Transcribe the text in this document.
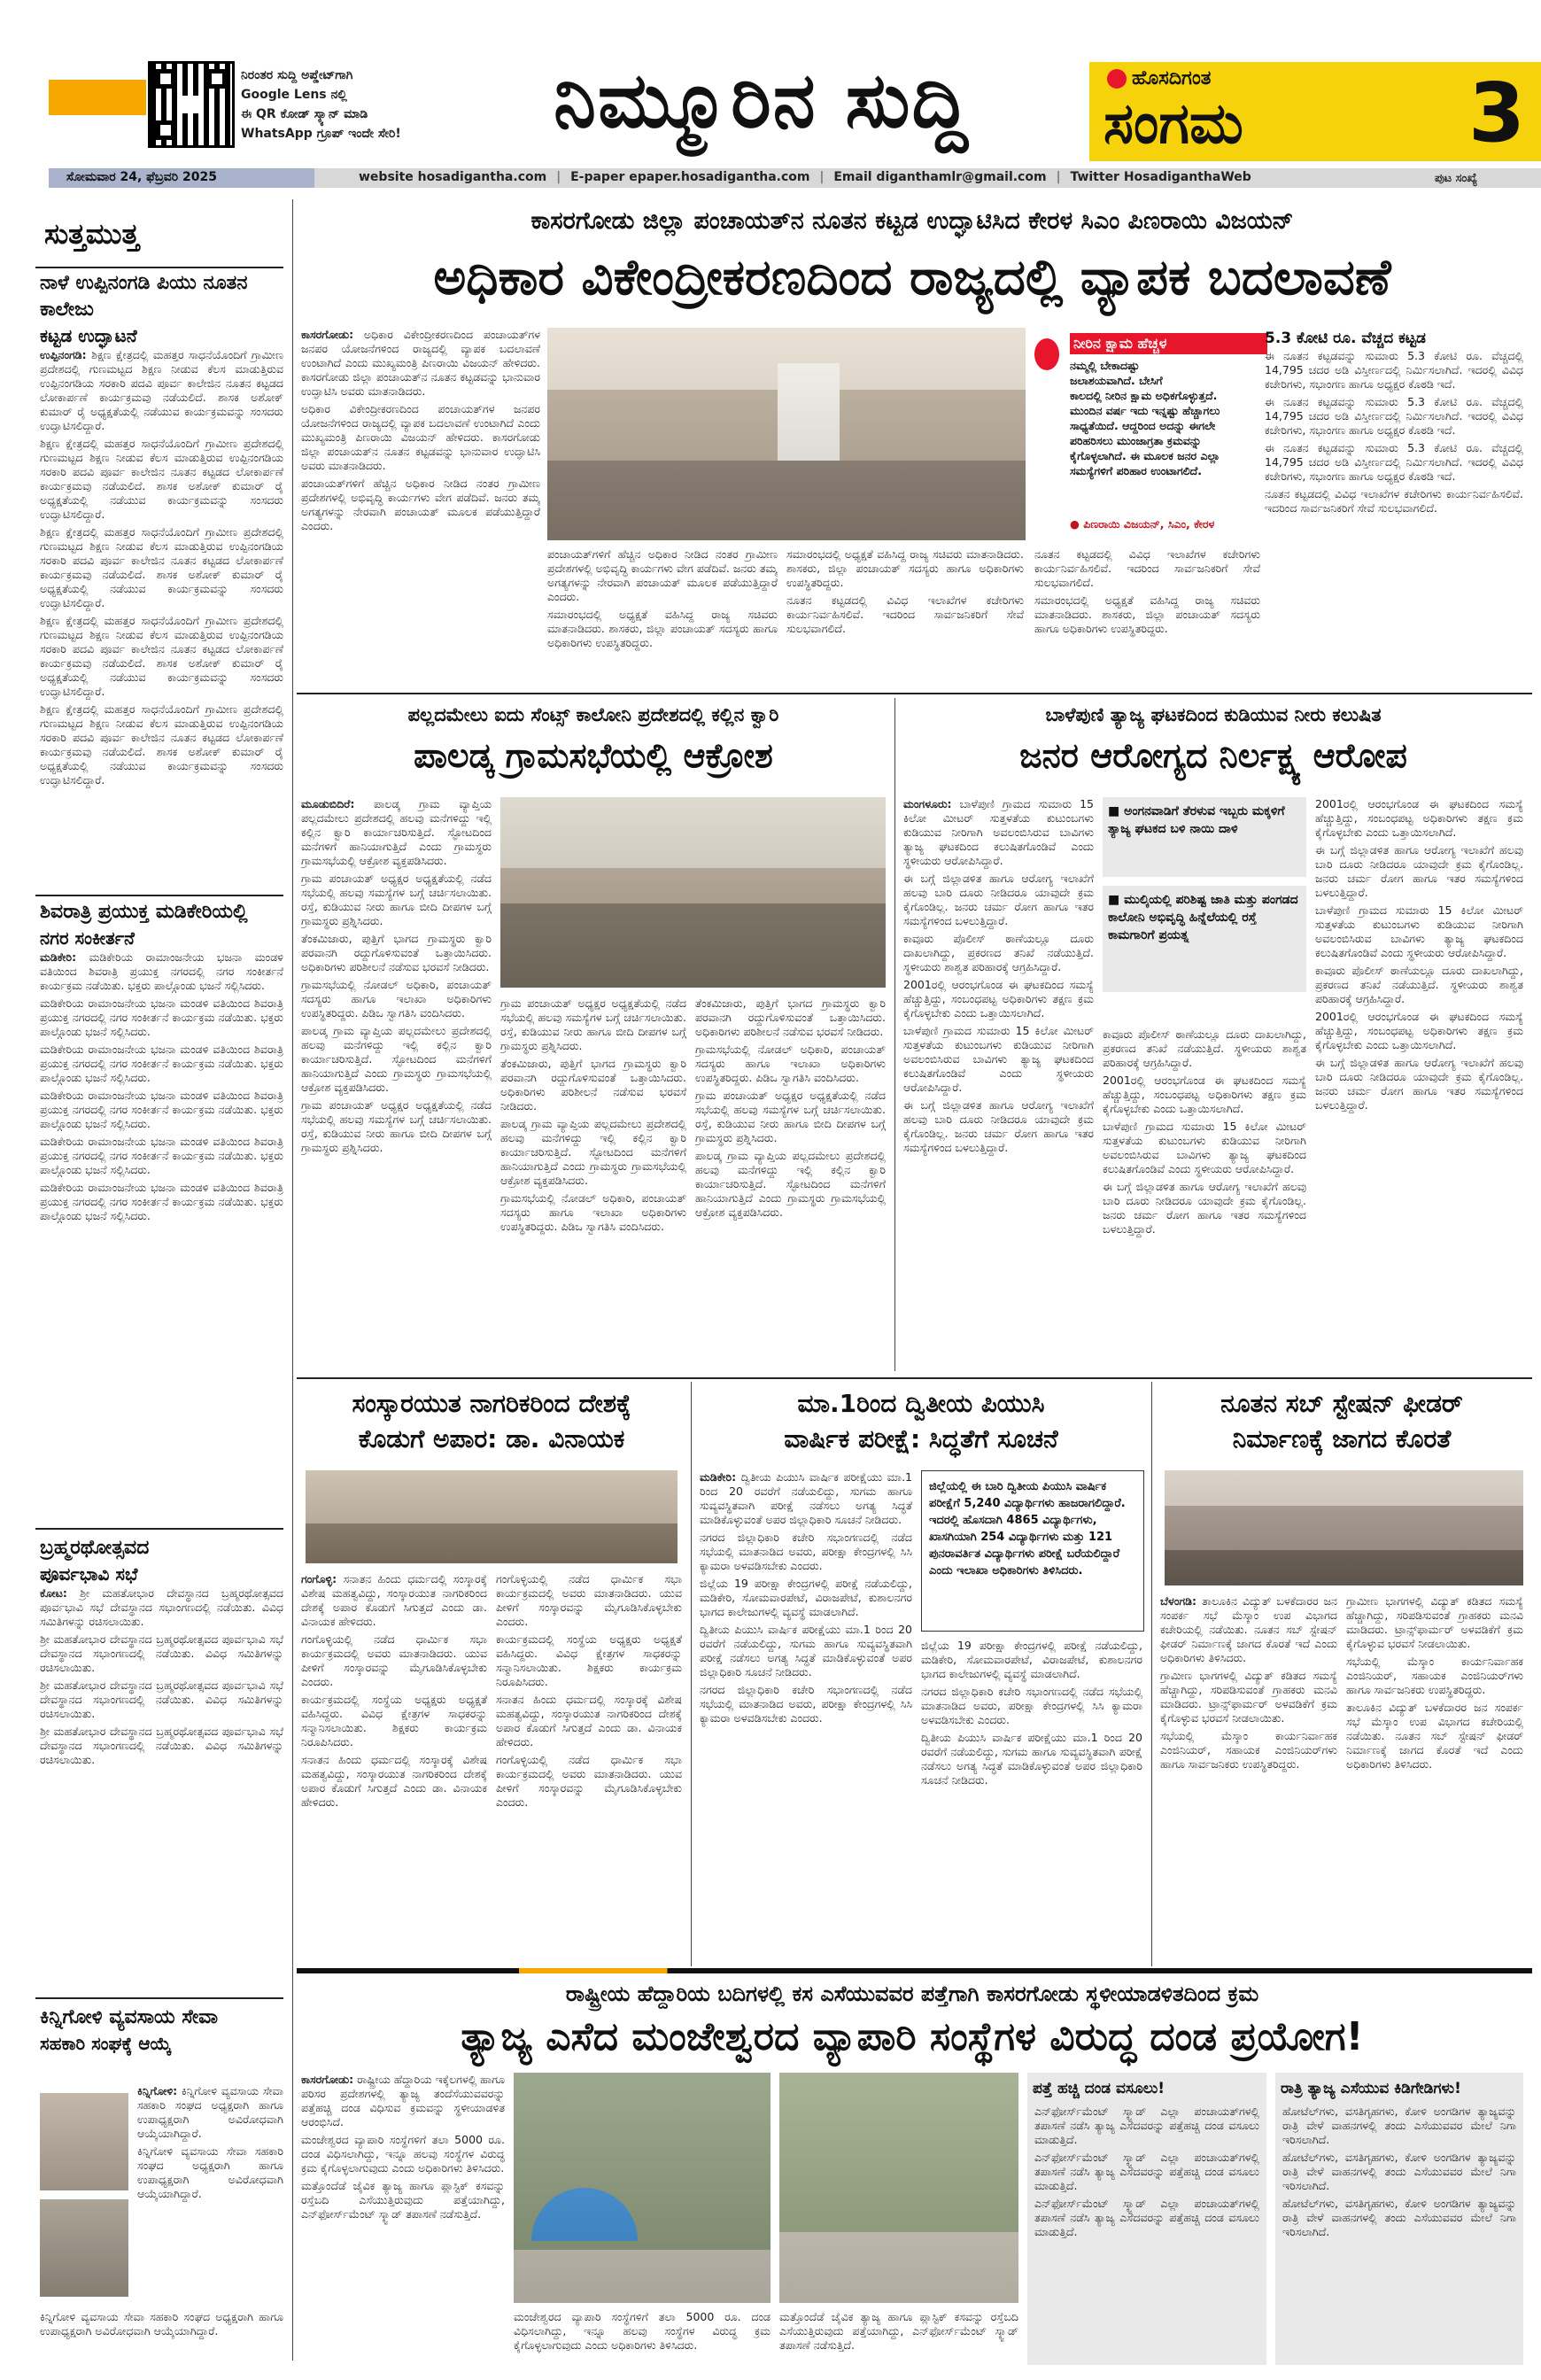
ನಿರಂತರ ಸುದ್ದಿ ಅಪ್ಡೇಟ್‌ಗಾಗಿ
Google Lens ನಲ್ಲಿ
ಈ QR ಕೋಡ್ ಸ್ಕ್ಯಾನ್ ಮಾಡಿ
WhatsApp ಗ್ರೂಪ್ ಇಂದೇ ಸೇರಿ!	ನಿಮ್ಮೂರಿನ ಸುದ್ದಿ	ಹೊಸದಿಗಂತ
ಸಂಗಮ	3
ಸೋಮವಾರ 24, ಫೆಬ್ರವರಿ 2025	website hosadigantha.com | E-paper epaper.hosadigantha.com | Email diganthamlr@gmail.com | Twitter HosadiganthaWeb	ಪುಟ ಸಂಖ್ಯೆ
ಸುತ್ತಮುತ್ತ
ನಾಳೆ ಉಪ್ಪಿನಂಗಡಿ ಪಿಯು ನೂತನ ಕಾಲೇಜು
ಕಟ್ಟಡ ಉದ್ಘಾಟನೆ

ಉಪ್ಪಿನಂಗಡಿ: ಶಿಕ್ಷಣ ಕ್ಷೇತ್ರದಲ್ಲಿ ಮಹತ್ತರ ಸಾಧನೆಯೊಂದಿಗೆ ಗ್ರಾಮೀಣ ಪ್ರದೇಶದಲ್ಲಿ ಗುಣಮಟ್ಟದ ಶಿಕ್ಷಣ ನೀಡುವ ಕೆಲಸ ಮಾಡುತ್ತಿರುವ ಉಪ್ಪಿನಂಗಡಿಯ ಸರಕಾರಿ ಪದವಿ ಪೂರ್ವ ಕಾಲೇಜಿನ ನೂತನ ಕಟ್ಟಡದ ಲೋಕಾರ್ಪಣೆ ಕಾರ್ಯಕ್ರಮವು ನಡೆಯಲಿದೆ. ಶಾಸಕ ಅಶೋಕ್ ಕುಮಾರ್ ರೈ ಅಧ್ಯಕ್ಷತೆಯಲ್ಲಿ ನಡೆಯುವ ಕಾರ್ಯಕ್ರಮವನ್ನು ಸಂಸದರು ಉದ್ಘಾಟಿಸಲಿದ್ದಾರೆ.

ಶಿಕ್ಷಣ ಕ್ಷೇತ್ರದಲ್ಲಿ ಮಹತ್ತರ ಸಾಧನೆಯೊಂದಿಗೆ ಗ್ರಾಮೀಣ ಪ್ರದೇಶದಲ್ಲಿ ಗುಣಮಟ್ಟದ ಶಿಕ್ಷಣ ನೀಡುವ ಕೆಲಸ ಮಾಡುತ್ತಿರುವ ಉಪ್ಪಿನಂಗಡಿಯ ಸರಕಾರಿ ಪದವಿ ಪೂರ್ವ ಕಾಲೇಜಿನ ನೂತನ ಕಟ್ಟಡದ ಲೋಕಾರ್ಪಣೆ ಕಾರ್ಯಕ್ರಮವು ನಡೆಯಲಿದೆ. ಶಾಸಕ ಅಶೋಕ್ ಕುಮಾರ್ ರೈ ಅಧ್ಯಕ್ಷತೆಯಲ್ಲಿ ನಡೆಯುವ ಕಾರ್ಯಕ್ರಮವನ್ನು ಸಂಸದರು ಉದ್ಘಾಟಿಸಲಿದ್ದಾರೆ.

ಶಿಕ್ಷಣ ಕ್ಷೇತ್ರದಲ್ಲಿ ಮಹತ್ತರ ಸಾಧನೆಯೊಂದಿಗೆ ಗ್ರಾಮೀಣ ಪ್ರದೇಶದಲ್ಲಿ ಗುಣಮಟ್ಟದ ಶಿಕ್ಷಣ ನೀಡುವ ಕೆಲಸ ಮಾಡುತ್ತಿರುವ ಉಪ್ಪಿನಂಗಡಿಯ ಸರಕಾರಿ ಪದವಿ ಪೂರ್ವ ಕಾಲೇಜಿನ ನೂತನ ಕಟ್ಟಡದ ಲೋಕಾರ್ಪಣೆ ಕಾರ್ಯಕ್ರಮವು ನಡೆಯಲಿದೆ. ಶಾಸಕ ಅಶೋಕ್ ಕುಮಾರ್ ರೈ ಅಧ್ಯಕ್ಷತೆಯಲ್ಲಿ ನಡೆಯುವ ಕಾರ್ಯಕ್ರಮವನ್ನು ಸಂಸದರು ಉದ್ಘಾಟಿಸಲಿದ್ದಾರೆ.

ಶಿಕ್ಷಣ ಕ್ಷೇತ್ರದಲ್ಲಿ ಮಹತ್ತರ ಸಾಧನೆಯೊಂದಿಗೆ ಗ್ರಾಮೀಣ ಪ್ರದೇಶದಲ್ಲಿ ಗುಣಮಟ್ಟದ ಶಿಕ್ಷಣ ನೀಡುವ ಕೆಲಸ ಮಾಡುತ್ತಿರುವ ಉಪ್ಪಿನಂಗಡಿಯ ಸರಕಾರಿ ಪದವಿ ಪೂರ್ವ ಕಾಲೇಜಿನ ನೂತನ ಕಟ್ಟಡದ ಲೋಕಾರ್ಪಣೆ ಕಾರ್ಯಕ್ರಮವು ನಡೆಯಲಿದೆ. ಶಾಸಕ ಅಶೋಕ್ ಕುಮಾರ್ ರೈ ಅಧ್ಯಕ್ಷತೆಯಲ್ಲಿ ನಡೆಯುವ ಕಾರ್ಯಕ್ರಮವನ್ನು ಸಂಸದರು ಉದ್ಘಾಟಿಸಲಿದ್ದಾರೆ.

ಶಿಕ್ಷಣ ಕ್ಷೇತ್ರದಲ್ಲಿ ಮಹತ್ತರ ಸಾಧನೆಯೊಂದಿಗೆ ಗ್ರಾಮೀಣ ಪ್ರದೇಶದಲ್ಲಿ ಗುಣಮಟ್ಟದ ಶಿಕ್ಷಣ ನೀಡುವ ಕೆಲಸ ಮಾಡುತ್ತಿರುವ ಉಪ್ಪಿನಂಗಡಿಯ ಸರಕಾರಿ ಪದವಿ ಪೂರ್ವ ಕಾಲೇಜಿನ ನೂತನ ಕಟ್ಟಡದ ಲೋಕಾರ್ಪಣೆ ಕಾರ್ಯಕ್ರಮವು ನಡೆಯಲಿದೆ. ಶಾಸಕ ಅಶೋಕ್ ಕುಮಾರ್ ರೈ ಅಧ್ಯಕ್ಷತೆಯಲ್ಲಿ ನಡೆಯುವ ಕಾರ್ಯಕ್ರಮವನ್ನು ಸಂಸದರು ಉದ್ಘಾಟಿಸಲಿದ್ದಾರೆ.

ಶಿವರಾತ್ರಿ ಪ್ರಯುಕ್ತ ಮಡಿಕೇರಿಯಲ್ಲಿ
ನಗರ ಸಂಕೀರ್ತನೆ

ಮಡಿಕೇರಿ: ಮಡಿಕೇರಿಯ ರಾಮಾಂಜನೇಯ ಭಜನಾ ಮಂಡಳಿ ವತಿಯಿಂದ ಶಿವರಾತ್ರಿ ಪ್ರಯುಕ್ತ ನಗರದಲ್ಲಿ ನಗರ ಸಂಕೀರ್ತನೆ ಕಾರ್ಯಕ್ರಮ ನಡೆಯಿತು. ಭಕ್ತರು ಪಾಲ್ಗೊಂಡು ಭಜನೆ ಸಲ್ಲಿಸಿದರು.

ಮಡಿಕೇರಿಯ ರಾಮಾಂಜನೇಯ ಭಜನಾ ಮಂಡಳಿ ವತಿಯಿಂದ ಶಿವರಾತ್ರಿ ಪ್ರಯುಕ್ತ ನಗರದಲ್ಲಿ ನಗರ ಸಂಕೀರ್ತನೆ ಕಾರ್ಯಕ್ರಮ ನಡೆಯಿತು. ಭಕ್ತರು ಪಾಲ್ಗೊಂಡು ಭಜನೆ ಸಲ್ಲಿಸಿದರು.

ಮಡಿಕೇರಿಯ ರಾಮಾಂಜನೇಯ ಭಜನಾ ಮಂಡಳಿ ವತಿಯಿಂದ ಶಿವರಾತ್ರಿ ಪ್ರಯುಕ್ತ ನಗರದಲ್ಲಿ ನಗರ ಸಂಕೀರ್ತನೆ ಕಾರ್ಯಕ್ರಮ ನಡೆಯಿತು. ಭಕ್ತರು ಪಾಲ್ಗೊಂಡು ಭಜನೆ ಸಲ್ಲಿಸಿದರು.

ಮಡಿಕೇರಿಯ ರಾಮಾಂಜನೇಯ ಭಜನಾ ಮಂಡಳಿ ವತಿಯಿಂದ ಶಿವರಾತ್ರಿ ಪ್ರಯುಕ್ತ ನಗರದಲ್ಲಿ ನಗರ ಸಂಕೀರ್ತನೆ ಕಾರ್ಯಕ್ರಮ ನಡೆಯಿತು. ಭಕ್ತರು ಪಾಲ್ಗೊಂಡು ಭಜನೆ ಸಲ್ಲಿಸಿದರು.

ಮಡಿಕೇರಿಯ ರಾಮಾಂಜನೇಯ ಭಜನಾ ಮಂಡಳಿ ವತಿಯಿಂದ ಶಿವರಾತ್ರಿ ಪ್ರಯುಕ್ತ ನಗರದಲ್ಲಿ ನಗರ ಸಂಕೀರ್ತನೆ ಕಾರ್ಯಕ್ರಮ ನಡೆಯಿತು. ಭಕ್ತರು ಪಾಲ್ಗೊಂಡು ಭಜನೆ ಸಲ್ಲಿಸಿದರು.

ಮಡಿಕೇರಿಯ ರಾಮಾಂಜನೇಯ ಭಜನಾ ಮಂಡಳಿ ವತಿಯಿಂದ ಶಿವರಾತ್ರಿ ಪ್ರಯುಕ್ತ ನಗರದಲ್ಲಿ ನಗರ ಸಂಕೀರ್ತನೆ ಕಾರ್ಯಕ್ರಮ ನಡೆಯಿತು. ಭಕ್ತರು ಪಾಲ್ಗೊಂಡು ಭಜನೆ ಸಲ್ಲಿಸಿದರು.

ಬ್ರಹ್ಮರಥೋತ್ಸವದ
ಪೂರ್ವಭಾವಿ ಸಭೆ

ಕೋಟ: ಶ್ರೀ ಮಹತೋಭಾರ ದೇವಸ್ಥಾನದ ಬ್ರಹ್ಮರಥೋತ್ಸವದ ಪೂರ್ವಭಾವಿ ಸಭೆ ದೇವಸ್ಥಾನದ ಸಭಾಂಗಣದಲ್ಲಿ ನಡೆಯಿತು. ವಿವಿಧ ಸಮಿತಿಗಳನ್ನು ರಚಿಸಲಾಯಿತು.

ಶ್ರೀ ಮಹತೋಭಾರ ದೇವಸ್ಥಾನದ ಬ್ರಹ್ಮರಥೋತ್ಸವದ ಪೂರ್ವಭಾವಿ ಸಭೆ ದೇವಸ್ಥಾನದ ಸಭಾಂಗಣದಲ್ಲಿ ನಡೆಯಿತು. ವಿವಿಧ ಸಮಿತಿಗಳನ್ನು ರಚಿಸಲಾಯಿತು.

ಶ್ರೀ ಮಹತೋಭಾರ ದೇವಸ್ಥಾನದ ಬ್ರಹ್ಮರಥೋತ್ಸವದ ಪೂರ್ವಭಾವಿ ಸಭೆ ದೇವಸ್ಥಾನದ ಸಭಾಂಗಣದಲ್ಲಿ ನಡೆಯಿತು. ವಿವಿಧ ಸಮಿತಿಗಳನ್ನು ರಚಿಸಲಾಯಿತು.

ಶ್ರೀ ಮಹತೋಭಾರ ದೇವಸ್ಥಾನದ ಬ್ರಹ್ಮರಥೋತ್ಸವದ ಪೂರ್ವಭಾವಿ ಸಭೆ ದೇವಸ್ಥಾನದ ಸಭಾಂಗಣದಲ್ಲಿ ನಡೆಯಿತು. ವಿವಿಧ ಸಮಿತಿಗಳನ್ನು ರಚಿಸಲಾಯಿತು.

ಕಿನ್ನಿಗೋಳಿ ವ್ಯವಸಾಯ ಸೇವಾ
ಸಹಕಾರಿ ಸಂಘಕ್ಕೆ ಆಯ್ಕೆ

ಕಿನ್ನಿಗೋಳಿ: ಕಿನ್ನಿಗೋಳಿ ವ್ಯವಸಾಯ ಸೇವಾ ಸಹಕಾರಿ ಸಂಘದ ಅಧ್ಯಕ್ಷರಾಗಿ ಹಾಗೂ ಉಪಾಧ್ಯಕ್ಷರಾಗಿ ಅವಿರೋಧವಾಗಿ ಆಯ್ಕೆಯಾಗಿದ್ದಾರೆ.

ಕಿನ್ನಿಗೋಳಿ ವ್ಯವಸಾಯ ಸೇವಾ ಸಹಕಾರಿ ಸಂಘದ ಅಧ್ಯಕ್ಷರಾಗಿ ಹಾಗೂ ಉಪಾಧ್ಯಕ್ಷರಾಗಿ ಅವಿರೋಧವಾಗಿ ಆಯ್ಕೆಯಾಗಿದ್ದಾರೆ.

ಕಿನ್ನಿಗೋಳಿ ವ್ಯವಸಾಯ ಸೇವಾ ಸಹಕಾರಿ ಸಂಘದ ಅಧ್ಯಕ್ಷರಾಗಿ ಹಾಗೂ ಉಪಾಧ್ಯಕ್ಷರಾಗಿ ಅವಿರೋಧವಾಗಿ ಆಯ್ಕೆಯಾಗಿದ್ದಾರೆ.

ಕಾಸರಗೋಡು ಜಿಲ್ಲಾ ಪಂಚಾಯತ್‌ನ ನೂತನ ಕಟ್ಟಡ ಉದ್ಘಾಟಿಸಿದ ಕೇರಳ ಸಿಎಂ ಪಿಣರಾಯಿ ವಿಜಯನ್
ಅಧಿಕಾರ ವಿಕೇಂದ್ರೀಕರಣದಿಂದ ರಾಜ್ಯದಲ್ಲಿ ವ್ಯಾಪಕ ಬದಲಾವಣೆ

ಕಾಸರಗೋಡು: ಅಧಿಕಾರ ವಿಕೇಂದ್ರೀಕರಣದಿಂದ ಪಂಚಾಯತ್‌ಗಳ ಜನಪರ ಯೋಜನೆಗಳಿಂದ ರಾಜ್ಯದಲ್ಲಿ ವ್ಯಾಪಕ ಬದಲಾವಣೆ ಉಂಟಾಗಿದೆ ಎಂದು ಮುಖ್ಯಮಂತ್ರಿ ಪಿಣರಾಯಿ ವಿಜಯನ್ ಹೇಳಿದರು. ಕಾಸರಗೋಡು ಜಿಲ್ಲಾ ಪಂಚಾಯತ್‌ನ ನೂತನ ಕಟ್ಟಡವನ್ನು ಭಾನುವಾರ ಉದ್ಘಾಟಿಸಿ ಅವರು ಮಾತನಾಡಿದರು.

ಅಧಿಕಾರ ವಿಕೇಂದ್ರೀಕರಣದಿಂದ ಪಂಚಾಯತ್‌ಗಳ ಜನಪರ ಯೋಜನೆಗಳಿಂದ ರಾಜ್ಯದಲ್ಲಿ ವ್ಯಾಪಕ ಬದಲಾವಣೆ ಉಂಟಾಗಿದೆ ಎಂದು ಮುಖ್ಯಮಂತ್ರಿ ಪಿಣರಾಯಿ ವಿಜಯನ್ ಹೇಳಿದರು. ಕಾಸರಗೋಡು ಜಿಲ್ಲಾ ಪಂಚಾಯತ್‌ನ ನೂತನ ಕಟ್ಟಡವನ್ನು ಭಾನುವಾರ ಉದ್ಘಾಟಿಸಿ ಅವರು ಮಾತನಾಡಿದರು.

ಪಂಚಾಯತ್‌ಗಳಿಗೆ ಹೆಚ್ಚಿನ ಅಧಿಕಾರ ನೀಡಿದ ನಂತರ ಗ್ರಾಮೀಣ ಪ್ರದೇಶಗಳಲ್ಲಿ ಅಭಿವೃದ್ಧಿ ಕಾರ್ಯಗಳು ವೇಗ ಪಡೆದಿವೆ. ಜನರು ತಮ್ಮ ಅಗತ್ಯಗಳನ್ನು ನೇರವಾಗಿ ಪಂಚಾಯತ್ ಮೂಲಕ ಪಡೆಯುತ್ತಿದ್ದಾರೆ ಎಂದರು.

ನೀರಿನ ಕ್ಷಾಮ ಹೆಚ್ಚಳ
ನಮ್ಮಲ್ಲಿ ಬೇಕಾದಷ್ಟು
ಜಲಾಶಯವಾಗಿದೆ. ಬೇಸಿಗೆ
ಕಾಲದಲ್ಲಿ ನೀರಿನ ಕ್ಷಾಮ ಅಧಿಕಗೊಳ್ಳುತ್ತದೆ.
ಮುಂದಿನ ವರ್ಷ ಇದು ಇನ್ನಷ್ಟು ಹೆಚ್ಚಾಗಲು
ಸಾಧ್ಯತೆಯಿದೆ. ಆದ್ದರಿಂದ ಅದನ್ನು ಈಗಲೇ
ಪರಿಹರಿಸಲು ಮುಂಜಾಗ್ರತಾ ಕ್ರಮವನ್ನು
ಕೈಗೊಳ್ಳಲಾಗಿದೆ. ಈ ಮೂಲಕ ಜನರ ಎಲ್ಲಾ
ಸಮಸ್ಯೆಗಳಿಗೆ ಪರಿಹಾರ ಉಂಟಾಗಲಿದೆ.
● ಪಿಣರಾಯಿ ವಿಜಯನ್, ಸಿಎಂ, ಕೇರಳ
5.3 ಕೋಟಿ ರೂ. ವೆಚ್ಚದ ಕಟ್ಟಡ

ಈ ನೂತನ ಕಟ್ಟಡವನ್ನು ಸುಮಾರು 5.3 ಕೋಟಿ ರೂ. ವೆಚ್ಚದಲ್ಲಿ 14,795 ಚದರ ಅಡಿ ವಿಸ್ತೀರ್ಣದಲ್ಲಿ ನಿರ್ಮಿಸಲಾಗಿದೆ. ಇದರಲ್ಲಿ ವಿವಿಧ ಕಚೇರಿಗಳು, ಸಭಾಂಗಣ ಹಾಗೂ ಅಧ್ಯಕ್ಷರ ಕೊಠಡಿ ಇದೆ.

ಈ ನೂತನ ಕಟ್ಟಡವನ್ನು ಸುಮಾರು 5.3 ಕೋಟಿ ರೂ. ವೆಚ್ಚದಲ್ಲಿ 14,795 ಚದರ ಅಡಿ ವಿಸ್ತೀರ್ಣದಲ್ಲಿ ನಿರ್ಮಿಸಲಾಗಿದೆ. ಇದರಲ್ಲಿ ವಿವಿಧ ಕಚೇರಿಗಳು, ಸಭಾಂಗಣ ಹಾಗೂ ಅಧ್ಯಕ್ಷರ ಕೊಠಡಿ ಇದೆ.

ಈ ನೂತನ ಕಟ್ಟಡವನ್ನು ಸುಮಾರು 5.3 ಕೋಟಿ ರೂ. ವೆಚ್ಚದಲ್ಲಿ 14,795 ಚದರ ಅಡಿ ವಿಸ್ತೀರ್ಣದಲ್ಲಿ ನಿರ್ಮಿಸಲಾಗಿದೆ. ಇದರಲ್ಲಿ ವಿವಿಧ ಕಚೇರಿಗಳು, ಸಭಾಂಗಣ ಹಾಗೂ ಅಧ್ಯಕ್ಷರ ಕೊಠಡಿ ಇದೆ.

ನೂತನ ಕಟ್ಟಡದಲ್ಲಿ ವಿವಿಧ ಇಲಾಖೆಗಳ ಕಚೇರಿಗಳು ಕಾರ್ಯನಿರ್ವಹಿಸಲಿವೆ. ಇದರಿಂದ ಸಾರ್ವಜನಿಕರಿಗೆ ಸೇವೆ ಸುಲಭವಾಗಲಿದೆ.

ಪಂಚಾಯತ್‌ಗಳಿಗೆ ಹೆಚ್ಚಿನ ಅಧಿಕಾರ ನೀಡಿದ ನಂತರ ಗ್ರಾಮೀಣ ಪ್ರದೇಶಗಳಲ್ಲಿ ಅಭಿವೃದ್ಧಿ ಕಾರ್ಯಗಳು ವೇಗ ಪಡೆದಿವೆ. ಜನರು ತಮ್ಮ ಅಗತ್ಯಗಳನ್ನು ನೇರವಾಗಿ ಪಂಚಾಯತ್ ಮೂಲಕ ಪಡೆಯುತ್ತಿದ್ದಾರೆ ಎಂದರು.

ಸಮಾರಂಭದಲ್ಲಿ ಅಧ್ಯಕ್ಷತೆ ವಹಿಸಿದ್ದ ರಾಜ್ಯ ಸಚಿವರು ಮಾತನಾಡಿದರು. ಶಾಸಕರು, ಜಿಲ್ಲಾ ಪಂಚಾಯತ್ ಸದಸ್ಯರು ಹಾಗೂ ಅಧಿಕಾರಿಗಳು ಉಪಸ್ಥಿತರಿದ್ದರು.

ಸಮಾರಂಭದಲ್ಲಿ ಅಧ್ಯಕ್ಷತೆ ವಹಿಸಿದ್ದ ರಾಜ್ಯ ಸಚಿವರು ಮಾತನಾಡಿದರು. ಶಾಸಕರು, ಜಿಲ್ಲಾ ಪಂಚಾಯತ್ ಸದಸ್ಯರು ಹಾಗೂ ಅಧಿಕಾರಿಗಳು ಉಪಸ್ಥಿತರಿದ್ದರು.

ನೂತನ ಕಟ್ಟಡದಲ್ಲಿ ವಿವಿಧ ಇಲಾಖೆಗಳ ಕಚೇರಿಗಳು ಕಾರ್ಯನಿರ್ವಹಿಸಲಿವೆ. ಇದರಿಂದ ಸಾರ್ವಜನಿಕರಿಗೆ ಸೇವೆ ಸುಲಭವಾಗಲಿದೆ.

ನೂತನ ಕಟ್ಟಡದಲ್ಲಿ ವಿವಿಧ ಇಲಾಖೆಗಳ ಕಚೇರಿಗಳು ಕಾರ್ಯನಿರ್ವಹಿಸಲಿವೆ. ಇದರಿಂದ ಸಾರ್ವಜನಿಕರಿಗೆ ಸೇವೆ ಸುಲಭವಾಗಲಿದೆ.

ಸಮಾರಂಭದಲ್ಲಿ ಅಧ್ಯಕ್ಷತೆ ವಹಿಸಿದ್ದ ರಾಜ್ಯ ಸಚಿವರು ಮಾತನಾಡಿದರು. ಶಾಸಕರು, ಜಿಲ್ಲಾ ಪಂಚಾಯತ್ ಸದಸ್ಯರು ಹಾಗೂ ಅಧಿಕಾರಿಗಳು ಉಪಸ್ಥಿತರಿದ್ದರು.

ಪಲ್ಲದಮೇಲು ಐದು ಸೆಂಟ್ಸ್ ಕಾಲೋನಿ ಪ್ರದೇಶದಲ್ಲಿ ಕಲ್ಲಿನ ಕ್ವಾರಿ
ಪಾಲಡ್ಕ ಗ್ರಾಮಸಭೆಯಲ್ಲಿ ಆಕ್ರೋಶ

ಮೂಡುಬಿದಿರೆ: ಪಾಲಡ್ಕ ಗ್ರಾಮ ವ್ಯಾಪ್ತಿಯ ಪಲ್ಲದಮೇಲು ಪ್ರದೇಶದಲ್ಲಿ ಹಲವು ಮನೆಗಳಿದ್ದು ಇಲ್ಲಿ ಕಲ್ಲಿನ ಕ್ವಾರಿ ಕಾರ್ಯಾಚರಿಸುತ್ತಿದೆ. ಸ್ಫೋಟದಿಂದ ಮನೆಗಳಿಗೆ ಹಾನಿಯಾಗುತ್ತಿದೆ ಎಂದು ಗ್ರಾಮಸ್ಥರು ಗ್ರಾಮಸಭೆಯಲ್ಲಿ ಆಕ್ರೋಶ ವ್ಯಕ್ತಪಡಿಸಿದರು.

ಗ್ರಾಮ ಪಂಚಾಯತ್ ಅಧ್ಯಕ್ಷರ ಅಧ್ಯಕ್ಷತೆಯಲ್ಲಿ ನಡೆದ ಸಭೆಯಲ್ಲಿ ಹಲವು ಸಮಸ್ಯೆಗಳ ಬಗ್ಗೆ ಚರ್ಚಿಸಲಾಯಿತು. ರಸ್ತೆ, ಕುಡಿಯುವ ನೀರು ಹಾಗೂ ಬೀದಿ ದೀಪಗಳ ಬಗ್ಗೆ ಗ್ರಾಮಸ್ಥರು ಪ್ರಶ್ನಿಸಿದರು.

ತೆಂಕಮಿಜಾರು, ಪುತ್ತಿಗೆ ಭಾಗದ ಗ್ರಾಮಸ್ಥರು ಕ್ವಾರಿ ಪರವಾನಗಿ ರದ್ದುಗೊಳಿಸುವಂತೆ ಒತ್ತಾಯಿಸಿದರು. ಅಧಿಕಾರಿಗಳು ಪರಿಶೀಲನೆ ನಡೆಸುವ ಭರವಸೆ ನೀಡಿದರು.

ಗ್ರಾಮಸಭೆಯಲ್ಲಿ ನೋಡಲ್ ಅಧಿಕಾರಿ, ಪಂಚಾಯತ್ ಸದಸ್ಯರು ಹಾಗೂ ಇಲಾಖಾ ಅಧಿಕಾರಿಗಳು ಉಪಸ್ಥಿತರಿದ್ದರು. ಪಿಡಿಒ ಸ್ವಾಗತಿಸಿ ವಂದಿಸಿದರು.

ಪಾಲಡ್ಕ ಗ್ರಾಮ ವ್ಯಾಪ್ತಿಯ ಪಲ್ಲದಮೇಲು ಪ್ರದೇಶದಲ್ಲಿ ಹಲವು ಮನೆಗಳಿದ್ದು ಇಲ್ಲಿ ಕಲ್ಲಿನ ಕ್ವಾರಿ ಕಾರ್ಯಾಚರಿಸುತ್ತಿದೆ. ಸ್ಫೋಟದಿಂದ ಮನೆಗಳಿಗೆ ಹಾನಿಯಾಗುತ್ತಿದೆ ಎಂದು ಗ್ರಾಮಸ್ಥರು ಗ್ರಾಮಸಭೆಯಲ್ಲಿ ಆಕ್ರೋಶ ವ್ಯಕ್ತಪಡಿಸಿದರು.

ಗ್ರಾಮ ಪಂಚಾಯತ್ ಅಧ್ಯಕ್ಷರ ಅಧ್ಯಕ್ಷತೆಯಲ್ಲಿ ನಡೆದ ಸಭೆಯಲ್ಲಿ ಹಲವು ಸಮಸ್ಯೆಗಳ ಬಗ್ಗೆ ಚರ್ಚಿಸಲಾಯಿತು. ರಸ್ತೆ, ಕುಡಿಯುವ ನೀರು ಹಾಗೂ ಬೀದಿ ದೀಪಗಳ ಬಗ್ಗೆ ಗ್ರಾಮಸ್ಥರು ಪ್ರಶ್ನಿಸಿದರು.

ಗ್ರಾಮ ಪಂಚಾಯತ್ ಅಧ್ಯಕ್ಷರ ಅಧ್ಯಕ್ಷತೆಯಲ್ಲಿ ನಡೆದ ಸಭೆಯಲ್ಲಿ ಹಲವು ಸಮಸ್ಯೆಗಳ ಬಗ್ಗೆ ಚರ್ಚಿಸಲಾಯಿತು. ರಸ್ತೆ, ಕುಡಿಯುವ ನೀರು ಹಾಗೂ ಬೀದಿ ದೀಪಗಳ ಬಗ್ಗೆ ಗ್ರಾಮಸ್ಥರು ಪ್ರಶ್ನಿಸಿದರು.

ತೆಂಕಮಿಜಾರು, ಪುತ್ತಿಗೆ ಭಾಗದ ಗ್ರಾಮಸ್ಥರು ಕ್ವಾರಿ ಪರವಾನಗಿ ರದ್ದುಗೊಳಿಸುವಂತೆ ಒತ್ತಾಯಿಸಿದರು. ಅಧಿಕಾರಿಗಳು ಪರಿಶೀಲನೆ ನಡೆಸುವ ಭರವಸೆ ನೀಡಿದರು.

ಪಾಲಡ್ಕ ಗ್ರಾಮ ವ್ಯಾಪ್ತಿಯ ಪಲ್ಲದಮೇಲು ಪ್ರದೇಶದಲ್ಲಿ ಹಲವು ಮನೆಗಳಿದ್ದು ಇಲ್ಲಿ ಕಲ್ಲಿನ ಕ್ವಾರಿ ಕಾರ್ಯಾಚರಿಸುತ್ತಿದೆ. ಸ್ಫೋಟದಿಂದ ಮನೆಗಳಿಗೆ ಹಾನಿಯಾಗುತ್ತಿದೆ ಎಂದು ಗ್ರಾಮಸ್ಥರು ಗ್ರಾಮಸಭೆಯಲ್ಲಿ ಆಕ್ರೋಶ ವ್ಯಕ್ತಪಡಿಸಿದರು.

ಗ್ರಾಮಸಭೆಯಲ್ಲಿ ನೋಡಲ್ ಅಧಿಕಾರಿ, ಪಂಚಾಯತ್ ಸದಸ್ಯರು ಹಾಗೂ ಇಲಾಖಾ ಅಧಿಕಾರಿಗಳು ಉಪಸ್ಥಿತರಿದ್ದರು. ಪಿಡಿಒ ಸ್ವಾಗತಿಸಿ ವಂದಿಸಿದರು.

ತೆಂಕಮಿಜಾರು, ಪುತ್ತಿಗೆ ಭಾಗದ ಗ್ರಾಮಸ್ಥರು ಕ್ವಾರಿ ಪರವಾನಗಿ ರದ್ದುಗೊಳಿಸುವಂತೆ ಒತ್ತಾಯಿಸಿದರು. ಅಧಿಕಾರಿಗಳು ಪರಿಶೀಲನೆ ನಡೆಸುವ ಭರವಸೆ ನೀಡಿದರು.

ಗ್ರಾಮಸಭೆಯಲ್ಲಿ ನೋಡಲ್ ಅಧಿಕಾರಿ, ಪಂಚಾಯತ್ ಸದಸ್ಯರು ಹಾಗೂ ಇಲಾಖಾ ಅಧಿಕಾರಿಗಳು ಉಪಸ್ಥಿತರಿದ್ದರು. ಪಿಡಿಒ ಸ್ವಾಗತಿಸಿ ವಂದಿಸಿದರು.

ಗ್ರಾಮ ಪಂಚಾಯತ್ ಅಧ್ಯಕ್ಷರ ಅಧ್ಯಕ್ಷತೆಯಲ್ಲಿ ನಡೆದ ಸಭೆಯಲ್ಲಿ ಹಲವು ಸಮಸ್ಯೆಗಳ ಬಗ್ಗೆ ಚರ್ಚಿಸಲಾಯಿತು. ರಸ್ತೆ, ಕುಡಿಯುವ ನೀರು ಹಾಗೂ ಬೀದಿ ದೀಪಗಳ ಬಗ್ಗೆ ಗ್ರಾಮಸ್ಥರು ಪ್ರಶ್ನಿಸಿದರು.

ಪಾಲಡ್ಕ ಗ್ರಾಮ ವ್ಯಾಪ್ತಿಯ ಪಲ್ಲದಮೇಲು ಪ್ರದೇಶದಲ್ಲಿ ಹಲವು ಮನೆಗಳಿದ್ದು ಇಲ್ಲಿ ಕಲ್ಲಿನ ಕ್ವಾರಿ ಕಾರ್ಯಾಚರಿಸುತ್ತಿದೆ. ಸ್ಫೋಟದಿಂದ ಮನೆಗಳಿಗೆ ಹಾನಿಯಾಗುತ್ತಿದೆ ಎಂದು ಗ್ರಾಮಸ್ಥರು ಗ್ರಾಮಸಭೆಯಲ್ಲಿ ಆಕ್ರೋಶ ವ್ಯಕ್ತಪಡಿಸಿದರು.

ಬಾಳೆಪುಣಿ ತ್ಯಾಜ್ಯ ಘಟಕದಿಂದ ಕುಡಿಯುವ ನೀರು ಕಲುಷಿತ
ಜನರ ಆರೋಗ್ಯದ ನಿರ್ಲಕ್ಷ್ಯ ಆರೋಪ

ಮಂಗಳೂರು: ಬಾಳೆಪುಣಿ ಗ್ರಾಮದ ಸುಮಾರು 15 ಕಿಲೋ ಮೀಟರ್ ಸುತ್ತಳತೆಯ ಕುಟುಂಬಗಳು ಕುಡಿಯುವ ನೀರಿಗಾಗಿ ಅವಲಂಬಿಸಿರುವ ಬಾವಿಗಳು ತ್ಯಾಜ್ಯ ಘಟಕದಿಂದ ಕಲುಷಿತಗೊಂಡಿವೆ ಎಂದು ಸ್ಥಳೀಯರು ಆರೋಪಿಸಿದ್ದಾರೆ.

ಈ ಬಗ್ಗೆ ಜಿಲ್ಲಾಡಳಿತ ಹಾಗೂ ಆರೋಗ್ಯ ಇಲಾಖೆಗೆ ಹಲವು ಬಾರಿ ದೂರು ನೀಡಿದರೂ ಯಾವುದೇ ಕ್ರಮ ಕೈಗೊಂಡಿಲ್ಲ. ಜನರು ಚರ್ಮ ರೋಗ ಹಾಗೂ ಇತರ ಸಮಸ್ಯೆಗಳಿಂದ ಬಳಲುತ್ತಿದ್ದಾರೆ.

ಕಾವೂರು ಪೊಲೀಸ್ ಠಾಣೆಯಲ್ಲೂ ದೂರು ದಾಖಲಾಗಿದ್ದು, ಪ್ರಕರಣದ ತನಿಖೆ ನಡೆಯುತ್ತಿದೆ. ಸ್ಥಳೀಯರು ಶಾಶ್ವತ ಪರಿಹಾರಕ್ಕೆ ಆಗ್ರಹಿಸಿದ್ದಾರೆ.

2001ರಲ್ಲಿ ಆರಂಭಗೊಂಡ ಈ ಘಟಕದಿಂದ ಸಮಸ್ಯೆ ಹೆಚ್ಚುತ್ತಿದ್ದು, ಸಂಬಂಧಪಟ್ಟ ಅಧಿಕಾರಿಗಳು ತಕ್ಷಣ ಕ್ರಮ ಕೈಗೊಳ್ಳಬೇಕು ಎಂದು ಒತ್ತಾಯಿಸಲಾಗಿದೆ.

ಬಾಳೆಪುಣಿ ಗ್ರಾಮದ ಸುಮಾರು 15 ಕಿಲೋ ಮೀಟರ್ ಸುತ್ತಳತೆಯ ಕುಟುಂಬಗಳು ಕುಡಿಯುವ ನೀರಿಗಾಗಿ ಅವಲಂಬಿಸಿರುವ ಬಾವಿಗಳು ತ್ಯಾಜ್ಯ ಘಟಕದಿಂದ ಕಲುಷಿತಗೊಂಡಿವೆ ಎಂದು ಸ್ಥಳೀಯರು ಆರೋಪಿಸಿದ್ದಾರೆ.

ಈ ಬಗ್ಗೆ ಜಿಲ್ಲಾಡಳಿತ ಹಾಗೂ ಆರೋಗ್ಯ ಇಲಾಖೆಗೆ ಹಲವು ಬಾರಿ ದೂರು ನೀಡಿದರೂ ಯಾವುದೇ ಕ್ರಮ ಕೈಗೊಂಡಿಲ್ಲ. ಜನರು ಚರ್ಮ ರೋಗ ಹಾಗೂ ಇತರ ಸಮಸ್ಯೆಗಳಿಂದ ಬಳಲುತ್ತಿದ್ದಾರೆ.

■ ಅಂಗನವಾಡಿಗೆ ತೆರಳುವ ಇಬ್ಬರು ಮಕ್ಕಳಿಗೆ ತ್ಯಾಜ್ಯ ಘಟಕದ ಬಳಿ ನಾಯಿ ದಾಳಿ
■ ಮುಲ್ಕಿಯಲ್ಲಿ ಪರಿಶಿಷ್ಟ ಜಾತಿ ಮತ್ತು ಪಂಗಡದ ಕಾಲೋನಿ ಅಭಿವೃದ್ಧಿ ಹಿನ್ನೆಲೆಯಲ್ಲಿ ರಸ್ತೆ ಕಾಮಗಾರಿಗೆ ಪ್ರಯತ್ನ

ಕಾವೂರು ಪೊಲೀಸ್ ಠಾಣೆಯಲ್ಲೂ ದೂರು ದಾಖಲಾಗಿದ್ದು, ಪ್ರಕರಣದ ತನಿಖೆ ನಡೆಯುತ್ತಿದೆ. ಸ್ಥಳೀಯರು ಶಾಶ್ವತ ಪರಿಹಾರಕ್ಕೆ ಆಗ್ರಹಿಸಿದ್ದಾರೆ.

2001ರಲ್ಲಿ ಆರಂಭಗೊಂಡ ಈ ಘಟಕದಿಂದ ಸಮಸ್ಯೆ ಹೆಚ್ಚುತ್ತಿದ್ದು, ಸಂಬಂಧಪಟ್ಟ ಅಧಿಕಾರಿಗಳು ತಕ್ಷಣ ಕ್ರಮ ಕೈಗೊಳ್ಳಬೇಕು ಎಂದು ಒತ್ತಾಯಿಸಲಾಗಿದೆ.

ಬಾಳೆಪುಣಿ ಗ್ರಾಮದ ಸುಮಾರು 15 ಕಿಲೋ ಮೀಟರ್ ಸುತ್ತಳತೆಯ ಕುಟುಂಬಗಳು ಕುಡಿಯುವ ನೀರಿಗಾಗಿ ಅವಲಂಬಿಸಿರುವ ಬಾವಿಗಳು ತ್ಯಾಜ್ಯ ಘಟಕದಿಂದ ಕಲುಷಿತಗೊಂಡಿವೆ ಎಂದು ಸ್ಥಳೀಯರು ಆರೋಪಿಸಿದ್ದಾರೆ.

ಈ ಬಗ್ಗೆ ಜಿಲ್ಲಾಡಳಿತ ಹಾಗೂ ಆರೋಗ್ಯ ಇಲಾಖೆಗೆ ಹಲವು ಬಾರಿ ದೂರು ನೀಡಿದರೂ ಯಾವುದೇ ಕ್ರಮ ಕೈಗೊಂಡಿಲ್ಲ. ಜನರು ಚರ್ಮ ರೋಗ ಹಾಗೂ ಇತರ ಸಮಸ್ಯೆಗಳಿಂದ ಬಳಲುತ್ತಿದ್ದಾರೆ.

2001ರಲ್ಲಿ ಆರಂಭಗೊಂಡ ಈ ಘಟಕದಿಂದ ಸಮಸ್ಯೆ ಹೆಚ್ಚುತ್ತಿದ್ದು, ಸಂಬಂಧಪಟ್ಟ ಅಧಿಕಾರಿಗಳು ತಕ್ಷಣ ಕ್ರಮ ಕೈಗೊಳ್ಳಬೇಕು ಎಂದು ಒತ್ತಾಯಿಸಲಾಗಿದೆ.

ಈ ಬಗ್ಗೆ ಜಿಲ್ಲಾಡಳಿತ ಹಾಗೂ ಆರೋಗ್ಯ ಇಲಾಖೆಗೆ ಹಲವು ಬಾರಿ ದೂರು ನೀಡಿದರೂ ಯಾವುದೇ ಕ್ರಮ ಕೈಗೊಂಡಿಲ್ಲ. ಜನರು ಚರ್ಮ ರೋಗ ಹಾಗೂ ಇತರ ಸಮಸ್ಯೆಗಳಿಂದ ಬಳಲುತ್ತಿದ್ದಾರೆ.

ಬಾಳೆಪುಣಿ ಗ್ರಾಮದ ಸುಮಾರು 15 ಕಿಲೋ ಮೀಟರ್ ಸುತ್ತಳತೆಯ ಕುಟುಂಬಗಳು ಕುಡಿಯುವ ನೀರಿಗಾಗಿ ಅವಲಂಬಿಸಿರುವ ಬಾವಿಗಳು ತ್ಯಾಜ್ಯ ಘಟಕದಿಂದ ಕಲುಷಿತಗೊಂಡಿವೆ ಎಂದು ಸ್ಥಳೀಯರು ಆರೋಪಿಸಿದ್ದಾರೆ.

ಕಾವೂರು ಪೊಲೀಸ್ ಠಾಣೆಯಲ್ಲೂ ದೂರು ದಾಖಲಾಗಿದ್ದು, ಪ್ರಕರಣದ ತನಿಖೆ ನಡೆಯುತ್ತಿದೆ. ಸ್ಥಳೀಯರು ಶಾಶ್ವತ ಪರಿಹಾರಕ್ಕೆ ಆಗ್ರಹಿಸಿದ್ದಾರೆ.

2001ರಲ್ಲಿ ಆರಂಭಗೊಂಡ ಈ ಘಟಕದಿಂದ ಸಮಸ್ಯೆ ಹೆಚ್ಚುತ್ತಿದ್ದು, ಸಂಬಂಧಪಟ್ಟ ಅಧಿಕಾರಿಗಳು ತಕ್ಷಣ ಕ್ರಮ ಕೈಗೊಳ್ಳಬೇಕು ಎಂದು ಒತ್ತಾಯಿಸಲಾಗಿದೆ.

ಈ ಬಗ್ಗೆ ಜಿಲ್ಲಾಡಳಿತ ಹಾಗೂ ಆರೋಗ್ಯ ಇಲಾಖೆಗೆ ಹಲವು ಬಾರಿ ದೂರು ನೀಡಿದರೂ ಯಾವುದೇ ಕ್ರಮ ಕೈಗೊಂಡಿಲ್ಲ. ಜನರು ಚರ್ಮ ರೋಗ ಹಾಗೂ ಇತರ ಸಮಸ್ಯೆಗಳಿಂದ ಬಳಲುತ್ತಿದ್ದಾರೆ.

ಸಂಸ್ಕಾರಯುತ ನಾಗರಿಕರಿಂದ ದೇಶಕ್ಕೆ
ಕೊಡುಗೆ ಅಪಾರ: ಡಾ. ವಿನಾಯಕ

ಗಂಗೊಳ್ಳಿ: ಸನಾತನ ಹಿಂದು ಧರ್ಮದಲ್ಲಿ ಸಂಸ್ಕಾರಕ್ಕೆ ವಿಶೇಷ ಮಹತ್ವವಿದ್ದು, ಸಂಸ್ಕಾರಯುತ ನಾಗರಿಕರಿಂದ ದೇಶಕ್ಕೆ ಅಪಾರ ಕೊಡುಗೆ ಸಿಗುತ್ತದೆ ಎಂದು ಡಾ. ವಿನಾಯಕ ಹೇಳಿದರು.

ಗಂಗೊಳ್ಳಿಯಲ್ಲಿ ನಡೆದ ಧಾರ್ಮಿಕ ಸಭಾ ಕಾರ್ಯಕ್ರಮದಲ್ಲಿ ಅವರು ಮಾತನಾಡಿದರು. ಯುವ ಪೀಳಿಗೆ ಸಂಸ್ಕಾರವನ್ನು ಮೈಗೂಡಿಸಿಕೊಳ್ಳಬೇಕು ಎಂದರು.

ಕಾರ್ಯಕ್ರಮದಲ್ಲಿ ಸಂಸ್ಥೆಯ ಅಧ್ಯಕ್ಷರು ಅಧ್ಯಕ್ಷತೆ ವಹಿಸಿದ್ದರು. ವಿವಿಧ ಕ್ಷೇತ್ರಗಳ ಸಾಧಕರನ್ನು ಸನ್ಮಾನಿಸಲಾಯಿತು. ಶಿಕ್ಷಕರು ಕಾರ್ಯಕ್ರಮ ನಿರೂಪಿಸಿದರು.

ಸನಾತನ ಹಿಂದು ಧರ್ಮದಲ್ಲಿ ಸಂಸ್ಕಾರಕ್ಕೆ ವಿಶೇಷ ಮಹತ್ವವಿದ್ದು, ಸಂಸ್ಕಾರಯುತ ನಾಗರಿಕರಿಂದ ದೇಶಕ್ಕೆ ಅಪಾರ ಕೊಡುಗೆ ಸಿಗುತ್ತದೆ ಎಂದು ಡಾ. ವಿನಾಯಕ ಹೇಳಿದರು.

ಗಂಗೊಳ್ಳಿಯಲ್ಲಿ ನಡೆದ ಧಾರ್ಮಿಕ ಸಭಾ ಕಾರ್ಯಕ್ರಮದಲ್ಲಿ ಅವರು ಮಾತನಾಡಿದರು. ಯುವ ಪೀಳಿಗೆ ಸಂಸ್ಕಾರವನ್ನು ಮೈಗೂಡಿಸಿಕೊಳ್ಳಬೇಕು ಎಂದರು.

ಕಾರ್ಯಕ್ರಮದಲ್ಲಿ ಸಂಸ್ಥೆಯ ಅಧ್ಯಕ್ಷರು ಅಧ್ಯಕ್ಷತೆ ವಹಿಸಿದ್ದರು. ವಿವಿಧ ಕ್ಷೇತ್ರಗಳ ಸಾಧಕರನ್ನು ಸನ್ಮಾನಿಸಲಾಯಿತು. ಶಿಕ್ಷಕರು ಕಾರ್ಯಕ್ರಮ ನಿರೂಪಿಸಿದರು.

ಸನಾತನ ಹಿಂದು ಧರ್ಮದಲ್ಲಿ ಸಂಸ್ಕಾರಕ್ಕೆ ವಿಶೇಷ ಮಹತ್ವವಿದ್ದು, ಸಂಸ್ಕಾರಯುತ ನಾಗರಿಕರಿಂದ ದೇಶಕ್ಕೆ ಅಪಾರ ಕೊಡುಗೆ ಸಿಗುತ್ತದೆ ಎಂದು ಡಾ. ವಿನಾಯಕ ಹೇಳಿದರು.

ಗಂಗೊಳ್ಳಿಯಲ್ಲಿ ನಡೆದ ಧಾರ್ಮಿಕ ಸಭಾ ಕಾರ್ಯಕ್ರಮದಲ್ಲಿ ಅವರು ಮಾತನಾಡಿದರು. ಯುವ ಪೀಳಿಗೆ ಸಂಸ್ಕಾರವನ್ನು ಮೈಗೂಡಿಸಿಕೊಳ್ಳಬೇಕು ಎಂದರು.

ಮಾ.1ರಿಂದ ದ್ವಿತೀಯ ಪಿಯುಸಿ
ವಾರ್ಷಿಕ ಪರೀಕ್ಷೆ: ಸಿದ್ಧತೆಗೆ ಸೂಚನೆ

ಮಡಿಕೇರಿ: ದ್ವಿತೀಯ ಪಿಯುಸಿ ವಾರ್ಷಿಕ ಪರೀಕ್ಷೆಯು ಮಾ.1 ರಿಂದ 20 ರವರೆಗೆ ನಡೆಯಲಿದ್ದು, ಸುಗಮ ಹಾಗೂ ಸುವ್ಯವಸ್ಥಿತವಾಗಿ ಪರೀಕ್ಷೆ ನಡೆಸಲು ಅಗತ್ಯ ಸಿದ್ಧತೆ ಮಾಡಿಕೊಳ್ಳುವಂತೆ ಅಪರ ಜಿಲ್ಲಾಧಿಕಾರಿ ಸೂಚನೆ ನೀಡಿದರು.

ನಗರದ ಜಿಲ್ಲಾಧಿಕಾರಿ ಕಚೇರಿ ಸಭಾಂಗಣದಲ್ಲಿ ನಡೆದ ಸಭೆಯಲ್ಲಿ ಮಾತನಾಡಿದ ಅವರು, ಪರೀಕ್ಷಾ ಕೇಂದ್ರಗಳಲ್ಲಿ ಸಿಸಿ ಕ್ಯಾಮರಾ ಅಳವಡಿಸಬೇಕು ಎಂದರು.

ಜಿಲ್ಲೆಯ 19 ಪರೀಕ್ಷಾ ಕೇಂದ್ರಗಳಲ್ಲಿ ಪರೀಕ್ಷೆ ನಡೆಯಲಿದ್ದು, ಮಡಿಕೇರಿ, ಸೋಮವಾರಪೇಟೆ, ವಿರಾಜಪೇಟೆ, ಕುಶಾಲನಗರ ಭಾಗದ ಕಾಲೇಜುಗಳಲ್ಲಿ ವ್ಯವಸ್ಥೆ ಮಾಡಲಾಗಿದೆ.

ದ್ವಿತೀಯ ಪಿಯುಸಿ ವಾರ್ಷಿಕ ಪರೀಕ್ಷೆಯು ಮಾ.1 ರಿಂದ 20 ರವರೆಗೆ ನಡೆಯಲಿದ್ದು, ಸುಗಮ ಹಾಗೂ ಸುವ್ಯವಸ್ಥಿತವಾಗಿ ಪರೀಕ್ಷೆ ನಡೆಸಲು ಅಗತ್ಯ ಸಿದ್ಧತೆ ಮಾಡಿಕೊಳ್ಳುವಂತೆ ಅಪರ ಜಿಲ್ಲಾಧಿಕಾರಿ ಸೂಚನೆ ನೀಡಿದರು.

ನಗರದ ಜಿಲ್ಲಾಧಿಕಾರಿ ಕಚೇರಿ ಸಭಾಂಗಣದಲ್ಲಿ ನಡೆದ ಸಭೆಯಲ್ಲಿ ಮಾತನಾಡಿದ ಅವರು, ಪರೀಕ್ಷಾ ಕೇಂದ್ರಗಳಲ್ಲಿ ಸಿಸಿ ಕ್ಯಾಮರಾ ಅಳವಡಿಸಬೇಕು ಎಂದರು.

ಜಿಲ್ಲೆಯಲ್ಲಿ ಈ ಬಾರಿ ದ್ವಿತೀಯ ಪಿಯುಸಿ ವಾರ್ಷಿಕ ಪರೀಕ್ಷೆಗೆ 5,240 ವಿದ್ಯಾರ್ಥಿಗಳು ಹಾಜರಾಗಲಿದ್ದಾರೆ. ಇದರಲ್ಲಿ ಹೊಸದಾಗಿ 4865 ವಿದ್ಯಾರ್ಥಿಗಳು, ಖಾಸಗಿಯಾಗಿ 254 ವಿದ್ಯಾರ್ಥಿಗಳು ಮತ್ತು 121 ಪುನರಾವರ್ತಿತ ವಿದ್ಯಾರ್ಥಿಗಳು ಪರೀಕ್ಷೆ ಬರೆಯಲಿದ್ದಾರೆ ಎಂದು ಇಲಾಖಾ ಅಧಿಕಾರಿಗಳು ತಿಳಿಸಿದರು.

ಜಿಲ್ಲೆಯ 19 ಪರೀಕ್ಷಾ ಕೇಂದ್ರಗಳಲ್ಲಿ ಪರೀಕ್ಷೆ ನಡೆಯಲಿದ್ದು, ಮಡಿಕೇರಿ, ಸೋಮವಾರಪೇಟೆ, ವಿರಾಜಪೇಟೆ, ಕುಶಾಲನಗರ ಭಾಗದ ಕಾಲೇಜುಗಳಲ್ಲಿ ವ್ಯವಸ್ಥೆ ಮಾಡಲಾಗಿದೆ.

ನಗರದ ಜಿಲ್ಲಾಧಿಕಾರಿ ಕಚೇರಿ ಸಭಾಂಗಣದಲ್ಲಿ ನಡೆದ ಸಭೆಯಲ್ಲಿ ಮಾತನಾಡಿದ ಅವರು, ಪರೀಕ್ಷಾ ಕೇಂದ್ರಗಳಲ್ಲಿ ಸಿಸಿ ಕ್ಯಾಮರಾ ಅಳವಡಿಸಬೇಕು ಎಂದರು.

ದ್ವಿತೀಯ ಪಿಯುಸಿ ವಾರ್ಷಿಕ ಪರೀಕ್ಷೆಯು ಮಾ.1 ರಿಂದ 20 ರವರೆಗೆ ನಡೆಯಲಿದ್ದು, ಸುಗಮ ಹಾಗೂ ಸುವ್ಯವಸ್ಥಿತವಾಗಿ ಪರೀಕ್ಷೆ ನಡೆಸಲು ಅಗತ್ಯ ಸಿದ್ಧತೆ ಮಾಡಿಕೊಳ್ಳುವಂತೆ ಅಪರ ಜಿಲ್ಲಾಧಿಕಾರಿ ಸೂಚನೆ ನೀಡಿದರು.

ನೂತನ ಸಬ್ ಸ್ಟೇಷನ್ ಫೀಡರ್
ನಿರ್ಮಾಣಕ್ಕೆ ಜಾಗದ ಕೊರತೆ

ಬೆಳಂಗಡಿ: ತಾಲೂಕಿನ ವಿದ್ಯುತ್ ಬಳಕೆದಾರರ ಜನ ಸಂಪರ್ಕ ಸಭೆ ಮೆಸ್ಕಾಂ ಉಪ ವಿಭಾಗದ ಕಚೇರಿಯಲ್ಲಿ ನಡೆಯಿತು. ನೂತನ ಸಬ್ ಸ್ಟೇಷನ್ ಫೀಡರ್ ನಿರ್ಮಾಣಕ್ಕೆ ಜಾಗದ ಕೊರತೆ ಇದೆ ಎಂದು ಅಧಿಕಾರಿಗಳು ತಿಳಿಸಿದರು.

ಗ್ರಾಮೀಣ ಭಾಗಗಳಲ್ಲಿ ವಿದ್ಯುತ್ ಕಡಿತದ ಸಮಸ್ಯೆ ಹೆಚ್ಚಾಗಿದ್ದು, ಸರಿಪಡಿಸುವಂತೆ ಗ್ರಾಹಕರು ಮನವಿ ಮಾಡಿದರು. ಟ್ರಾನ್ಸ್‌ಫಾರ್ಮರ್ ಅಳವಡಿಕೆಗೆ ಕ್ರಮ ಕೈಗೊಳ್ಳುವ ಭರವಸೆ ನೀಡಲಾಯಿತು.

ಸಭೆಯಲ್ಲಿ ಮೆಸ್ಕಾಂ ಕಾರ್ಯನಿರ್ವಾಹಕ ಎಂಜಿನಿಯರ್, ಸಹಾಯಕ ಎಂಜಿನಿಯರ್‌ಗಳು ಹಾಗೂ ಸಾರ್ವಜನಿಕರು ಉಪಸ್ಥಿತರಿದ್ದರು.

ಗ್ರಾಮೀಣ ಭಾಗಗಳಲ್ಲಿ ವಿದ್ಯುತ್ ಕಡಿತದ ಸಮಸ್ಯೆ ಹೆಚ್ಚಾಗಿದ್ದು, ಸರಿಪಡಿಸುವಂತೆ ಗ್ರಾಹಕರು ಮನವಿ ಮಾಡಿದರು. ಟ್ರಾನ್ಸ್‌ಫಾರ್ಮರ್ ಅಳವಡಿಕೆಗೆ ಕ್ರಮ ಕೈಗೊಳ್ಳುವ ಭರವಸೆ ನೀಡಲಾಯಿತು.

ಸಭೆಯಲ್ಲಿ ಮೆಸ್ಕಾಂ ಕಾರ್ಯನಿರ್ವಾಹಕ ಎಂಜಿನಿಯರ್, ಸಹಾಯಕ ಎಂಜಿನಿಯರ್‌ಗಳು ಹಾಗೂ ಸಾರ್ವಜನಿಕರು ಉಪಸ್ಥಿತರಿದ್ದರು.

ತಾಲೂಕಿನ ವಿದ್ಯುತ್ ಬಳಕೆದಾರರ ಜನ ಸಂಪರ್ಕ ಸಭೆ ಮೆಸ್ಕಾಂ ಉಪ ವಿಭಾಗದ ಕಚೇರಿಯಲ್ಲಿ ನಡೆಯಿತು. ನೂತನ ಸಬ್ ಸ್ಟೇಷನ್ ಫೀಡರ್ ನಿರ್ಮಾಣಕ್ಕೆ ಜಾಗದ ಕೊರತೆ ಇದೆ ಎಂದು ಅಧಿಕಾರಿಗಳು ತಿಳಿಸಿದರು.

ರಾಷ್ಟ್ರೀಯ ಹೆದ್ದಾರಿಯ ಬದಿಗಳಲ್ಲಿ ಕಸ ಎಸೆಯುವವರ ಪತ್ತೆಗಾಗಿ ಕಾಸರಗೋಡು ಸ್ಥಳೀಯಾಡಳಿತದಿಂದ ಕ್ರಮ
ತ್ಯಾಜ್ಯ ಎಸೆದ ಮಂಜೇಶ್ವರದ ವ್ಯಾಪಾರಿ ಸಂಸ್ಥೆಗಳ ವಿರುದ್ಧ ದಂಡ ಪ್ರಯೋಗ!

ಕಾಸರಗೋಡು: ರಾಷ್ಟ್ರೀಯ ಹೆದ್ದಾರಿಯ ಇಕ್ಕೆಲಗಳಲ್ಲಿ ಹಾಗೂ ಪರಿಸರ ಪ್ರದೇಶಗಳಲ್ಲಿ ತ್ಯಾಜ್ಯ ತಂದೆಸೆಯುವವರನ್ನು ಪತ್ತೆಹಚ್ಚಿ ದಂಡ ವಿಧಿಸುವ ಕ್ರಮವನ್ನು ಸ್ಥಳೀಯಾಡಳಿತ ಆರಂಭಿಸಿದೆ.

ಮಂಜೇಶ್ವರದ ವ್ಯಾಪಾರಿ ಸಂಸ್ಥೆಗಳಿಗೆ ತಲಾ 5000 ರೂ. ದಂಡ ವಿಧಿಸಲಾಗಿದ್ದು, ಇನ್ನೂ ಹಲವು ಸಂಸ್ಥೆಗಳ ವಿರುದ್ಧ ಕ್ರಮ ಕೈಗೊಳ್ಳಲಾಗುವುದು ಎಂದು ಅಧಿಕಾರಿಗಳು ತಿಳಿಸಿದರು.

ಮತ್ತೊಂದೆಡೆ ಜೈವಿಕ ತ್ಯಾಜ್ಯ ಹಾಗೂ ಪ್ಲಾಸ್ಟಿಕ್ ಕಸವನ್ನು ರಸ್ತೆಬದಿ ಎಸೆಯುತ್ತಿರುವುದು ಪತ್ತೆಯಾಗಿದ್ದು, ಎನ್‌ಫೋರ್ಸ್‌ಮೆಂಟ್ ಸ್ಕ್ವಾಡ್ ತಪಾಸಣೆ ನಡೆಸುತ್ತಿದೆ.

ಮಂಜೇಶ್ವರದ ವ್ಯಾಪಾರಿ ಸಂಸ್ಥೆಗಳಿಗೆ ತಲಾ 5000 ರೂ. ದಂಡ ವಿಧಿಸಲಾಗಿದ್ದು, ಇನ್ನೂ ಹಲವು ಸಂಸ್ಥೆಗಳ ವಿರುದ್ಧ ಕ್ರಮ ಕೈಗೊಳ್ಳಲಾಗುವುದು ಎಂದು ಅಧಿಕಾರಿಗಳು ತಿಳಿಸಿದರು.

ಮತ್ತೊಂದೆಡೆ ಜೈವಿಕ ತ್ಯಾಜ್ಯ ಹಾಗೂ ಪ್ಲಾಸ್ಟಿಕ್ ಕಸವನ್ನು ರಸ್ತೆಬದಿ ಎಸೆಯುತ್ತಿರುವುದು ಪತ್ತೆಯಾಗಿದ್ದು, ಎನ್‌ಫೋರ್ಸ್‌ಮೆಂಟ್ ಸ್ಕ್ವಾಡ್ ತಪಾಸಣೆ ನಡೆಸುತ್ತಿದೆ.

ಪತ್ತೆ ಹಚ್ಚಿ ದಂಡ ವಸೂಲು!

ಎನ್‌ಫೋರ್ಸ್‌ಮೆಂಟ್ ಸ್ಕ್ವಾಡ್ ಎಲ್ಲಾ ಪಂಚಾಯತ್‌ಗಳಲ್ಲಿ ತಪಾಸಣೆ ನಡೆಸಿ ತ್ಯಾಜ್ಯ ಎಸೆದವರನ್ನು ಪತ್ತೆಹಚ್ಚಿ ದಂಡ ವಸೂಲು ಮಾಡುತ್ತಿದೆ.

ಎನ್‌ಫೋರ್ಸ್‌ಮೆಂಟ್ ಸ್ಕ್ವಾಡ್ ಎಲ್ಲಾ ಪಂಚಾಯತ್‌ಗಳಲ್ಲಿ ತಪಾಸಣೆ ನಡೆಸಿ ತ್ಯಾಜ್ಯ ಎಸೆದವರನ್ನು ಪತ್ತೆಹಚ್ಚಿ ದಂಡ ವಸೂಲು ಮಾಡುತ್ತಿದೆ.

ಎನ್‌ಫೋರ್ಸ್‌ಮೆಂಟ್ ಸ್ಕ್ವಾಡ್ ಎಲ್ಲಾ ಪಂಚಾಯತ್‌ಗಳಲ್ಲಿ ತಪಾಸಣೆ ನಡೆಸಿ ತ್ಯಾಜ್ಯ ಎಸೆದವರನ್ನು ಪತ್ತೆಹಚ್ಚಿ ದಂಡ ವಸೂಲು ಮಾಡುತ್ತಿದೆ.

ರಾತ್ರಿ ತ್ಯಾಜ್ಯ ಎಸೆಯುವ ಕಿಡಿಗೇಡಿಗಳು!

ಹೋಟೆಲ್‌ಗಳು, ವಸತಿಗೃಹಗಳು, ಕೋಳಿ ಅಂಗಡಿಗಳ ತ್ಯಾಜ್ಯವನ್ನು ರಾತ್ರಿ ವೇಳೆ ವಾಹನಗಳಲ್ಲಿ ತಂದು ಎಸೆಯುವವರ ಮೇಲೆ ನಿಗಾ ಇರಿಸಲಾಗಿದೆ.

ಹೋಟೆಲ್‌ಗಳು, ವಸತಿಗೃಹಗಳು, ಕೋಳಿ ಅಂಗಡಿಗಳ ತ್ಯಾಜ್ಯವನ್ನು ರಾತ್ರಿ ವೇಳೆ ವಾಹನಗಳಲ್ಲಿ ತಂದು ಎಸೆಯುವವರ ಮೇಲೆ ನಿಗಾ ಇರಿಸಲಾಗಿದೆ.

ಹೋಟೆಲ್‌ಗಳು, ವಸತಿಗೃಹಗಳು, ಕೋಳಿ ಅಂಗಡಿಗಳ ತ್ಯಾಜ್ಯವನ್ನು ರಾತ್ರಿ ವೇಳೆ ವಾಹನಗಳಲ್ಲಿ ತಂದು ಎಸೆಯುವವರ ಮೇಲೆ ನಿಗಾ ಇರಿಸಲಾಗಿದೆ.
